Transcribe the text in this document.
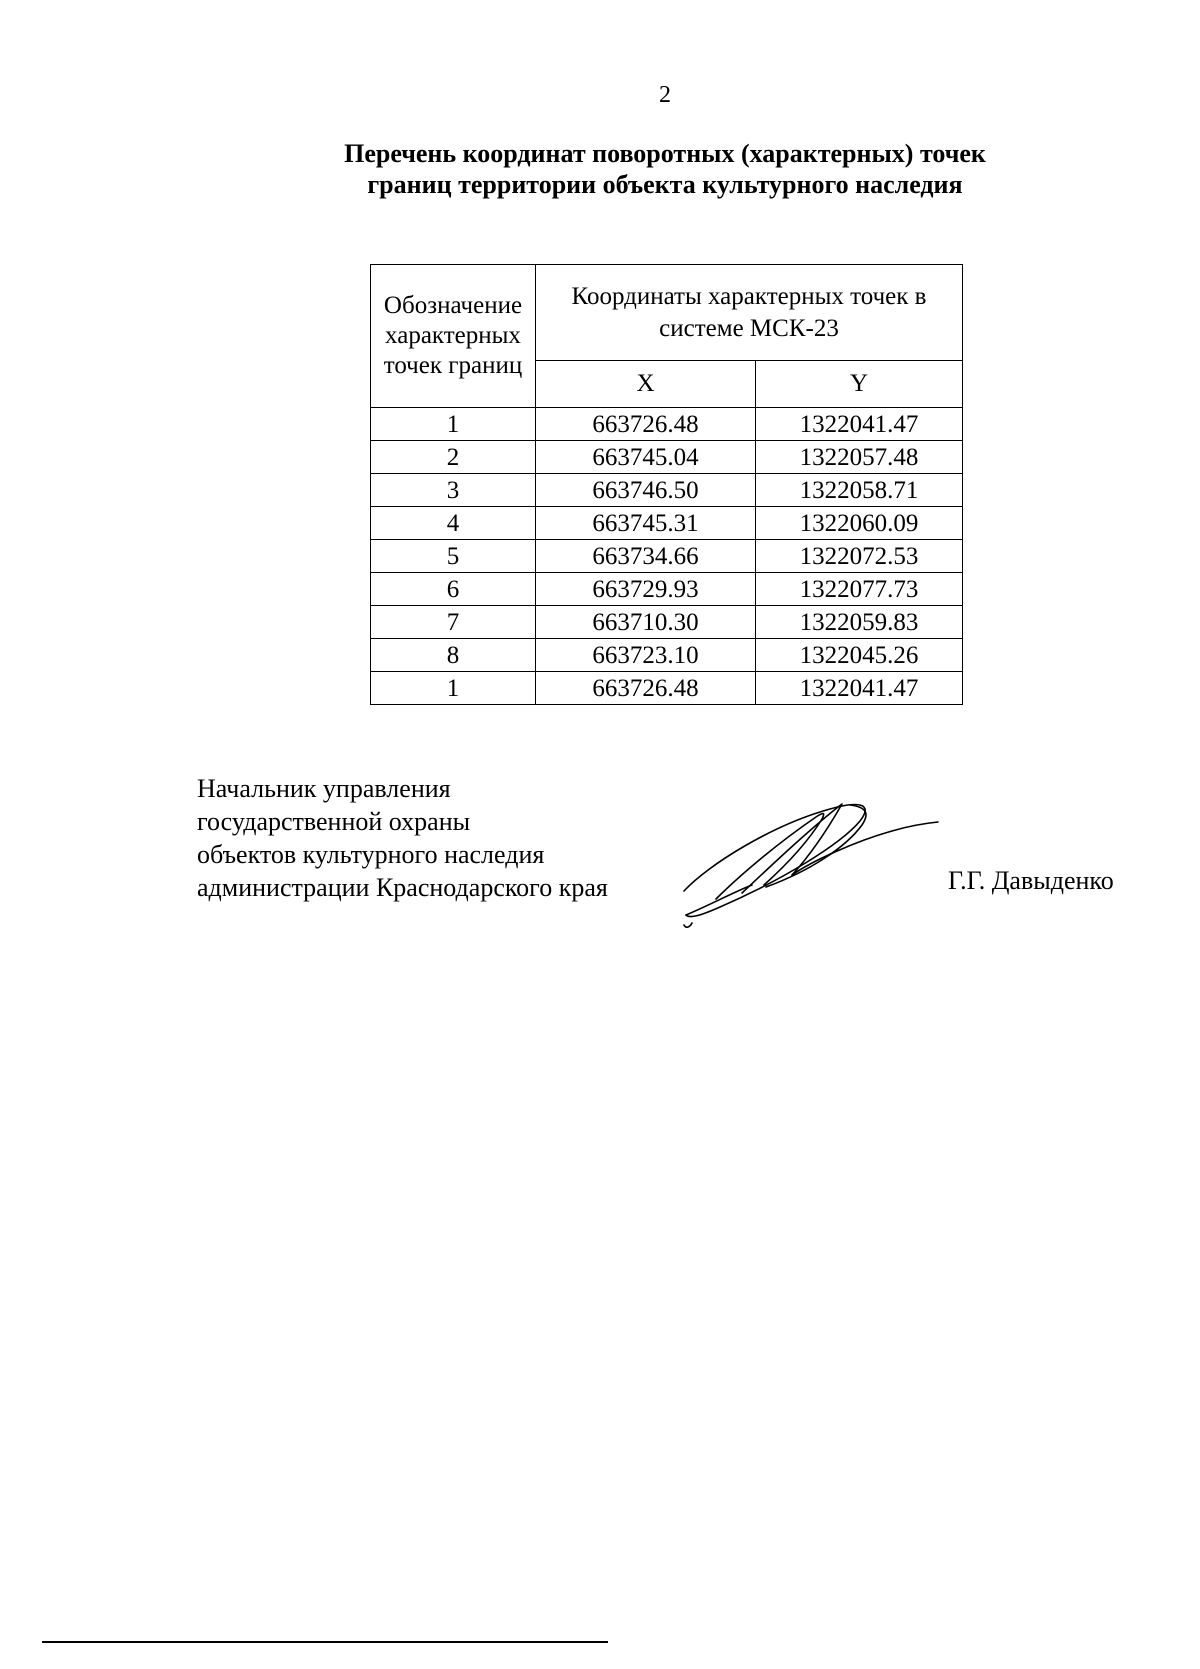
2
Перечень координат поворотных (характерных) точек
границ территории объекта культурного наследия
Обозначение характерных точек границ	Координаты характерных точек в системе МСК-23	
	X	Y
1	663726.48	1322041.47
2	663745.04	1322057.48
3	663746.50	1322058.71
4	663745.31	1322060.09
5	663734.66	1322072.53
6	663729.93	1322077.73
7	663710.30	1322059.83
8	663723.10	1322045.26
1	663726.48	1322041.47
Начальник управления
государственной охраны
объектов культурного наследия
администрации Краснодарского края	Г.Г. Давыденко
